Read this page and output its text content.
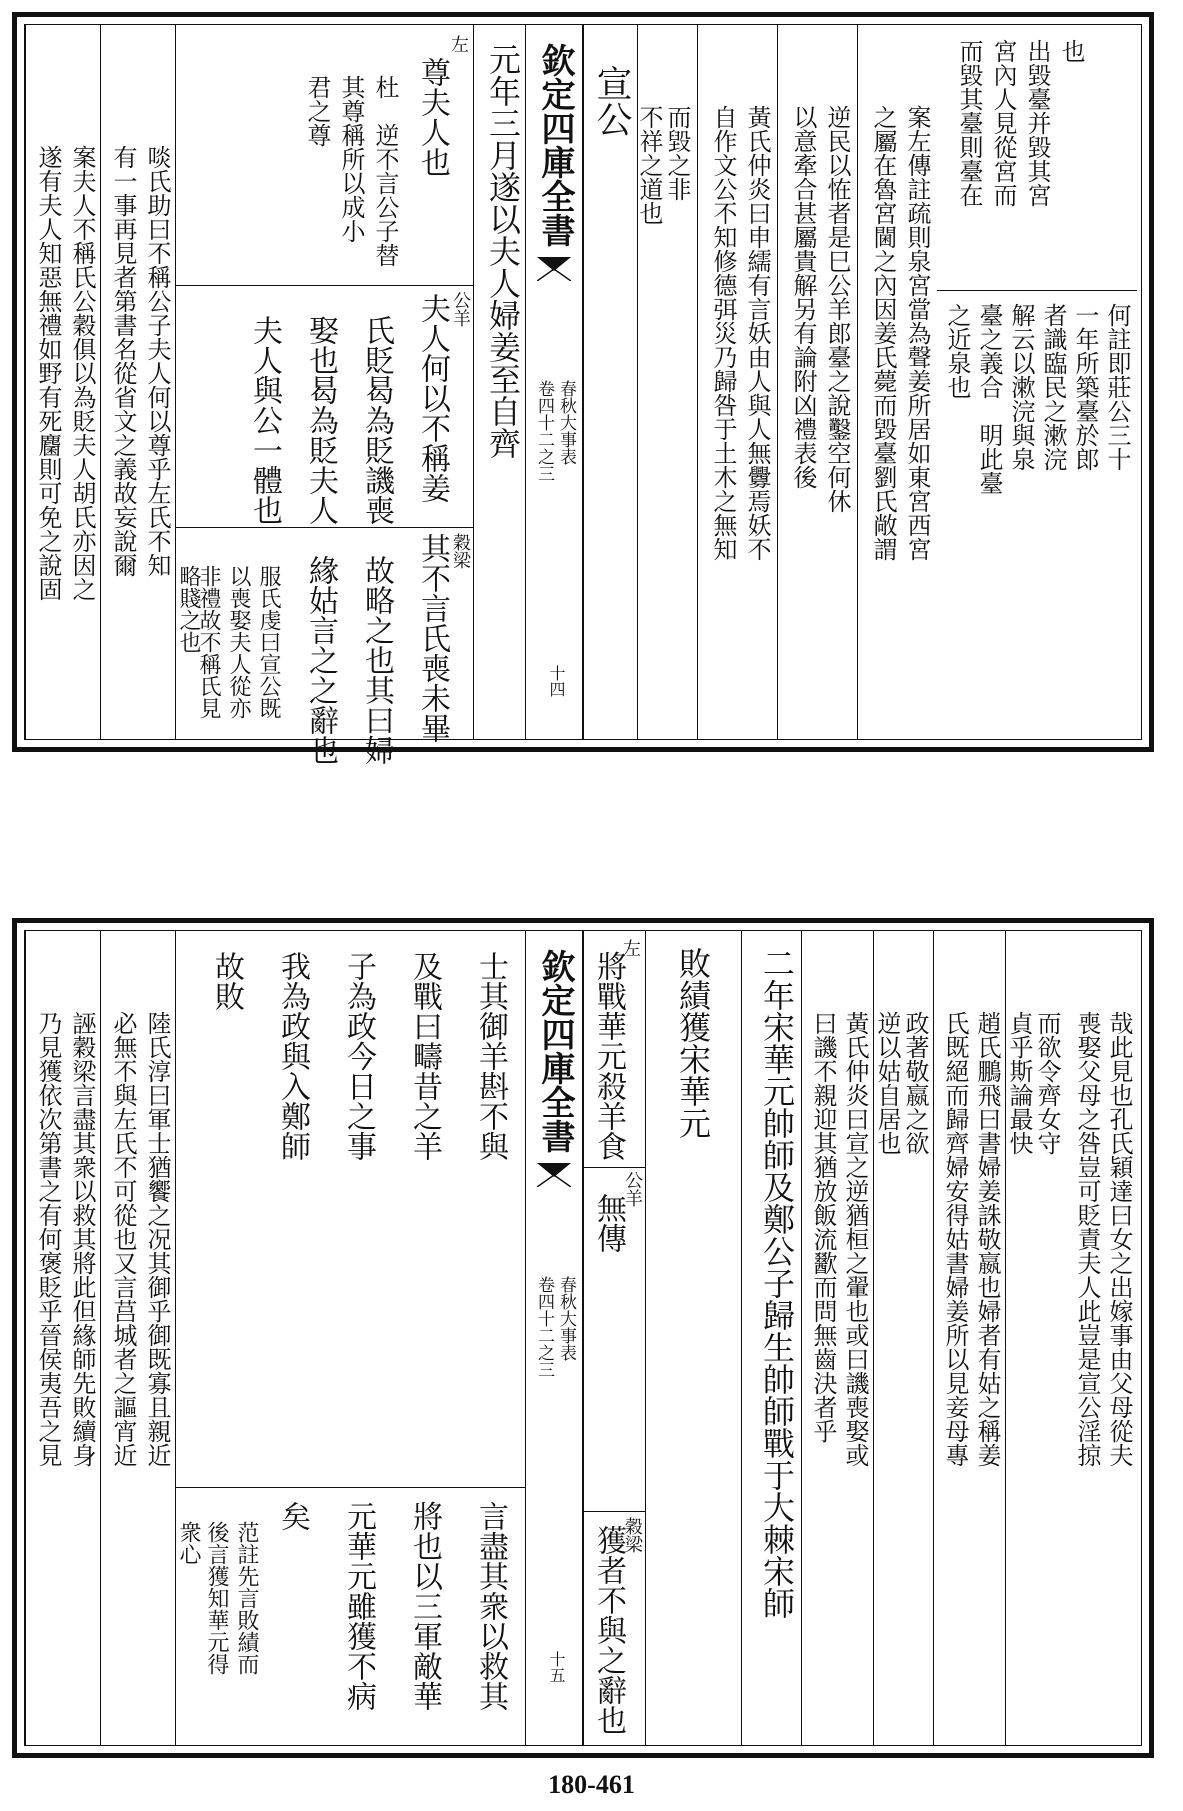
而毀其臺則臺在 宮內人見從宮而 出毀臺并毀其宮 也
何註即莊公三十
一年所築臺於郎
者識臨民之漱浣
解云以漱浣與泉
臺之義合　明此臺
之近泉也
案左傳註疏則泉宮當為聲姜所居如東宮西宮
之屬在魯宮閫之內因姜氏薨而毀臺劉氏敞謂
逆民以恠者是巳公羊郎臺之說鑿空何休
以意牽合甚屬貴解另有論附凶禮表後
黃氏仲炎曰申繻有言妖由人與人無釁焉妖不
自作文公不知修德弭災乃歸咎于土木之無知
而毀之非
不祥之道也
宣公
欽定四庫全書
春秋大事表
卷四十二之三
十四
元年三月遂以夫人婦姜至自齊
左
尊夫人也
杜　逆不言公子替
其尊稱所以成小
君之尊
公羊
夫人何以不稱姜
氏貶曷為貶譏喪
娶也曷為貶夫人
夫人與公一體也
穀梁
其不言氏喪未畢
故略之也其曰婦
緣姑言之之辭也
服氏虔曰宣公既
以喪娶夫人從亦
非禮故不稱氏見
略賤之也
啖氏助曰不稱公子夫人何以尊乎左氏不知
有一事再見者第書名從省文之義故妄說爾
案夫人不稱氏公穀俱以為貶夫人胡氏亦因之
遂有夫人知惡無禮如野有死麕則可免之說固
哉此見也孔氏穎達曰女之出嫁事由父母從夫
喪娶父母之咎豈可貶責夫人此豈是宣公淫掠
而欲令齊女守
貞乎斯論最快
趙氏鵬飛曰書婦姜誅敬嬴也婦者有姑之稱姜
氏既絕而歸齊婦安得姑書婦姜所以見妾母專
政著敬嬴之欲
逆以姑自居也
黃氏仲炎曰宣之逆猶桓之翬也或曰譏喪娶或
曰譏不親迎其猶放飯流歠而問無齒決者乎
二年宋華元帥師及鄭公子歸生帥師戰于大棘宋師
敗績獲宋華元
左
將戰華元殺羊食
公羊
無傳
穀梁
獲者不與之辭也
欽定四庫全書
春秋大事表
卷四十二之三
十五
士其御羊斟不與
及戰曰疇昔之羊
子為政今日之事
我為政與入鄭師
故敗
言盡其衆以救其
將也以三軍敵華
元華元雖獲不病
矣
范註先言敗績而
後言獲知華元得
衆心
陸氏淳曰軍士猶饗之况其御乎御既寡且親近
必無不與左氏不可從也又言莒城者之謳宵近
誣穀梁言盡其衆以救其將此但緣師先敗續身
乃見獲依次第書之有何褒貶乎晉侯夷吾之見
180-461
